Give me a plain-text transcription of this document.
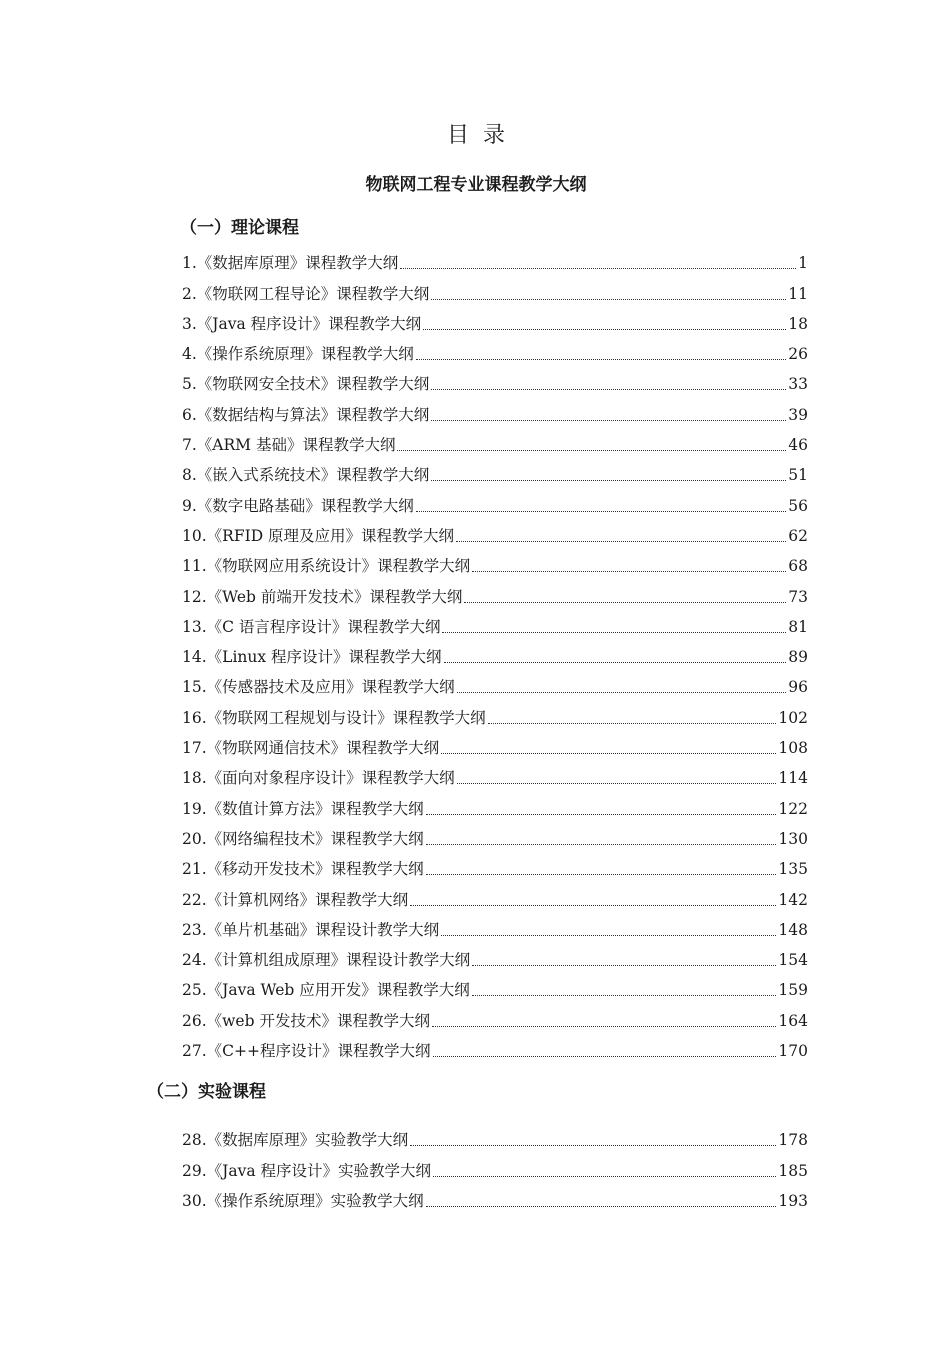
目录
物联网工程专业课程教学大纲
（一）理论课程
1.《数据库原理》课程教学大纲	1
2.《物联网工程导论》课程教学大纲	11
3.《Java 程序设计》课程教学大纲	18
4.《操作系统原理》课程教学大纲	26
5.《物联网安全技术》课程教学大纲	33
6.《数据结构与算法》课程教学大纲	39
7.《ARM 基础》课程教学大纲	46
8.《嵌入式系统技术》课程教学大纲	51
9.《数字电路基础》课程教学大纲	56
10.《RFID 原理及应用》课程教学大纲	62
11.《物联网应用系统设计》课程教学大纲	68
12.《Web 前端开发技术》课程教学大纲	73
13.《C 语言程序设计》课程教学大纲	81
14.《Linux 程序设计》课程教学大纲	89
15.《传感器技术及应用》课程教学大纲	96
16.《物联网工程规划与设计》课程教学大纲	102
17.《物联网通信技术》课程教学大纲	108
18.《面向对象程序设计》课程教学大纲	114
19.《数值计算方法》课程教学大纲	122
20.《网络编程技术》课程教学大纲	130
21.《移动开发技术》课程教学大纲	135
22.《计算机网络》课程教学大纲	142
23.《单片机基础》课程设计教学大纲	148
24.《计算机组成原理》课程设计教学大纲	154
25.《Java Web 应用开发》课程教学大纲	159
26.《web 开发技术》课程教学大纲	164
27.《C++程序设计》课程教学大纲	170
（二）实验课程
28.《数据库原理》实验教学大纲	178
29.《Java 程序设计》实验教学大纲	185
30.《操作系统原理》实验教学大纲	193
